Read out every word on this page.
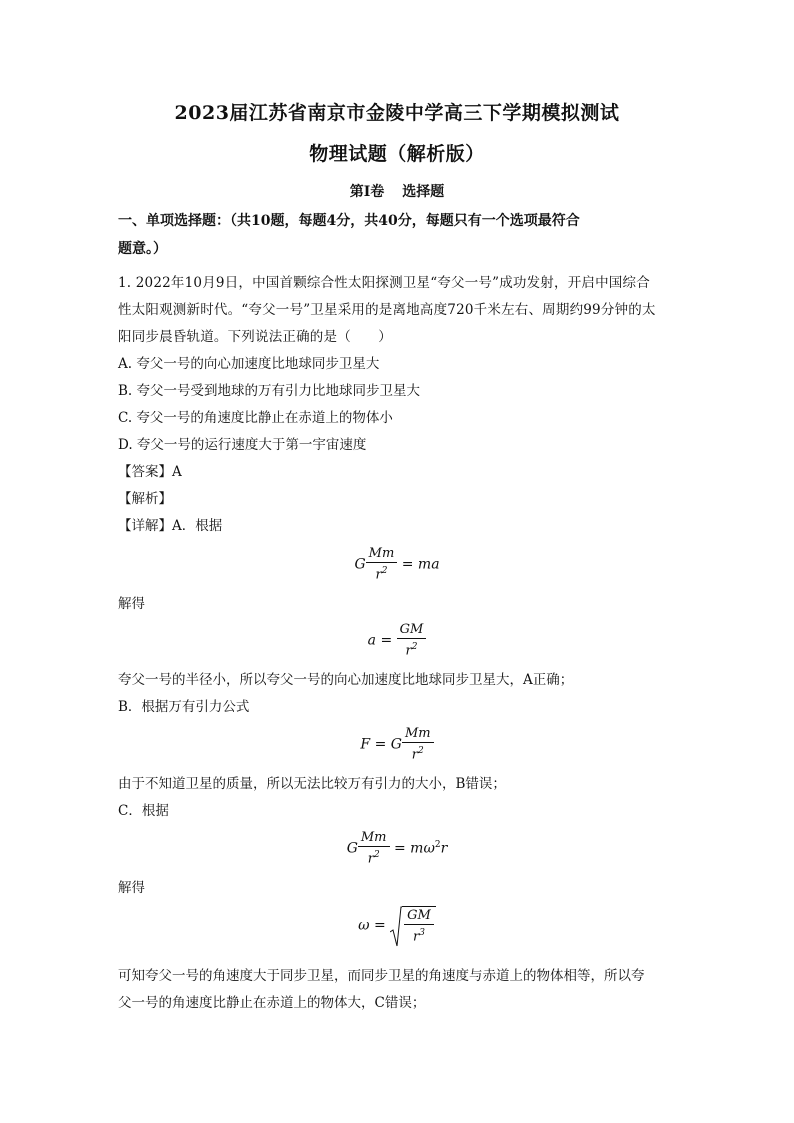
2023届江苏省南京市金陵中学高三下学期模拟测试
物理试题（解析版）
第I卷 选择题
一、单项选择题：（共10题，每题4分，共40分，每题只有一个选项最符合
题意。）
1. 2022年10月9日，中国首颗综合性太阳探测卫星“夸父一号”成功发射，开启中国综合
性太阳观测新时代。“夸父一号”卫星采用的是离地高度720千米左右、周期约99分钟的太
阳同步晨昏轨道。下列说法正确的是（　　）
A. 夸父一号的向心加速度比地球同步卫星大
B. 夸父一号受到地球的万有引力比地球同步卫星大
C. 夸父一号的角速度比静止在赤道上的物体小
D. 夸父一号的运行速度大于第一宇宙速度
【答案】A
【解析】
【详解】A．根据
G $\frac{Mm}{r^2}$ = ma
解得
$a = \frac{GM}{r^2}$
夸父一号的半径小，所以夸父一号的向心加速度比地球同步卫星大，A正确；
B．根据万有引力公式
F = G $\frac{Mm}{r^2}$
由于不知道卫星的质量，所以无法比较万有引力的大小，B错误；
C．根据
G $\frac{Mm}{r^2} = m\omega^2r$
解得
$\omega = \frac{GM}{r^3}$
可知夸父一号的角速度大于同步卫星，而同步卫星的角速度与赤道上的物体相等，所以夸
父一号的角速度比静止在赤道上的物体大，C错误；
